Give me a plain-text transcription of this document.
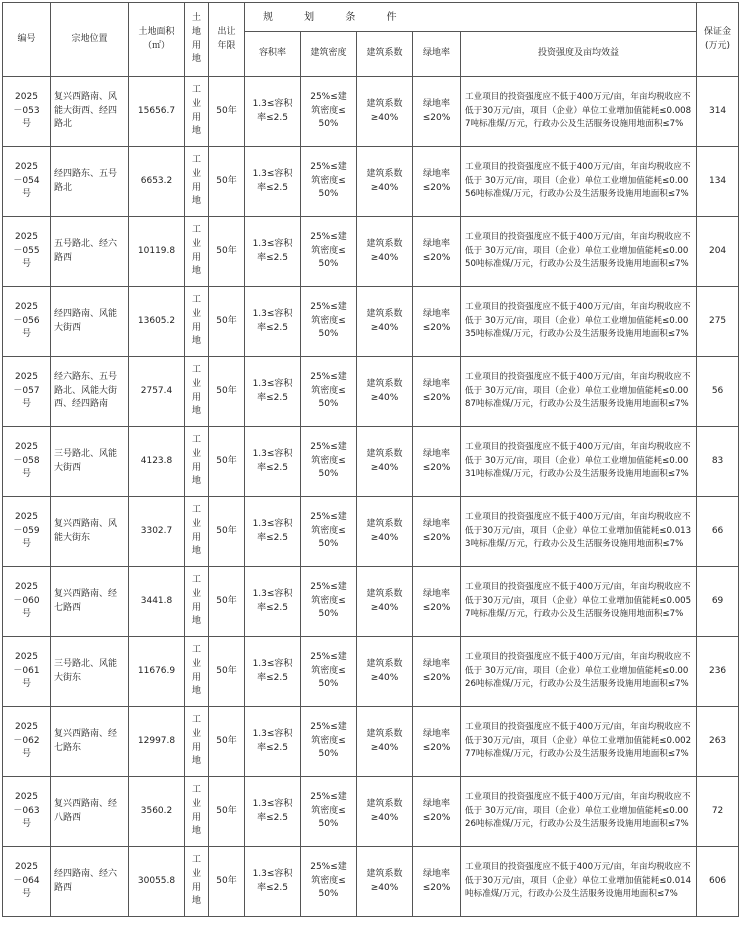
编号	宗地位置	土地面积（㎡）	土地用地	出让年限	规 划 条 件					保证金(万元)

					容积率	建筑密度	建筑系数	绿地率	投资强度及亩均效益	

2025－053号	复兴西路南、风能大街西、经四路北	15656.7	工业用地	50年	1.3≤容积率≤2.5	25%≤建筑密度≤50%	建筑系数≥40%	绿地率≤20%	工业项目的投资强度应不低于400万元/亩，年亩均税收应不低于30万元/亩，项目（企业）单位工业增加值能耗≤0.0087吨标准煤/万元，行政办公及生活服务设施用地面积≤7%	314

2025－054号	经四路东、五号路北	6653.2	工业用地	50年	1.3≤容积率≤2.5	25%≤建筑密度≤50%	建筑系数≥40%	绿地率≤20%	工业项目的投资强度应不低于400万元/亩，年亩均税收应不低于 30万元/亩，项目（企业）单位工业增加值能耗≤0.0056吨标准煤/万元，行政办公及生活服务设施用地面积≤7%	134

2025－055号	五号路北、经六路西	10119.8	工业用地	50年	1.3≤容积率≤2.5	25%≤建筑密度≤50%	建筑系数≥40%	绿地率≤20%	工业项目的投资强度应不低于400万元/亩，年亩均税收应不低于 30万元/亩，项目（企业）单位工业增加值能耗≤0.0050吨标准煤/万元，行政办公及生活服务设施用地面积≤7%	204

2025－056号	经四路南、风能大街西	13605.2	工业用地	50年	1.3≤容积率≤2.5	25%≤建筑密度≤50%	建筑系数≥40%	绿地率≤20%	工业项目的投资强度应不低于400万元/亩，年亩均税收应不低于 30万元/亩，项目（企业）单位工业增加值能耗≤0.0035吨标准煤/万元，行政办公及生活服务设施用地面积≤7%	275

2025－057号	经六路东、五号路北、风能大街西、经四路南	2757.4	工业用地	50年	1.3≤容积率≤2.5	25%≤建筑密度≤50%	建筑系数≥40%	绿地率≤20%	工业项目的投资强度应不低于400万元/亩，年亩均税收应不低于 30万元/亩，项目（企业）单位工业增加值能耗≤0.0087吨标准煤/万元，行政办公及生活服务设施用地面积≤7%	56

2025－058号	三号路北、风能大街西	4123.8	工业用地	50年	1.3≤容积率≤2.5	25%≤建筑密度≤50%	建筑系数≥40%	绿地率≤20%	工业项目的投资强度应不低于400万元/亩，年亩均税收应不低于 30万元/亩，项目（企业）单位工业增加值能耗≤0.0031吨标准煤/万元，行政办公及生活服务设施用地面积≤7%	83

2025－059号	复兴西路南、风能大街东	3302.7	工业用地	50年	1.3≤容积率≤2.5	25%≤建筑密度≤50%	建筑系数≥40%	绿地率≤20%	工业项目的投资强度应不低于400万元/亩，年亩均税收应不低于30万元/亩，项目（企业）单位工业增加值能耗≤0.0133吨标准煤/万元，行政办公及生活服务设施用地面积≤7%	66

2025－060号	复兴西路南、经七路西	3441.8	工业用地	50年	1.3≤容积率≤2.5	25%≤建筑密度≤50%	建筑系数≥40%	绿地率≤20%	工业项目的投资强度应不低于400万元/亩，年亩均税收应不低于30万元/亩，项目（企业）单位工业增加值能耗≤0.0057吨标准煤/万元，行政办公及生活服务设施用地面积≤7%	69

2025－061号	三号路北、风能大街东	11676.9	工业用地	50年	1.3≤容积率≤2.5	25%≤建筑密度≤50%	建筑系数≥40%	绿地率≤20%	工业项目的投资强度应不低于400万元/亩，年亩均税收应不低于 30万元/亩，项目（企业）单位工业增加值能耗≤0.0026吨标准煤/万元，行政办公及生活服务设施用地面积≤7%	236

2025－062号	复兴西路南、经七路东	12997.8	工业用地	50年	1.3≤容积率≤2.5	25%≤建筑密度≤50%	建筑系数≥40%	绿地率≤20%	工业项目的投资强度应不低于400万元/亩，年亩均税收应不低于30万元/亩，项目（企业）单位工业增加值能耗≤0.00277吨标准煤/万元，行政办公及生活服务设施用地面积≤7%	263

2025－063号	复兴西路南、经八路西	3560.2	工业用地	50年	1.3≤容积率≤2.5	25%≤建筑密度≤50%	建筑系数≥40%	绿地率≤20%	工业项目的投资强度应不低于400万元/亩，年亩均税收应不低于 30万元/亩，项目（企业）单位工业增加值能耗≤0.0026吨标准煤/万元，行政办公及生活服务设施用地面积≤7%	72

2025－064号	经四路南、经六路西	30055.8	工业用地	50年	1.3≤容积率≤2.5	25%≤建筑密度≤50%	建筑系数≥40%	绿地率≤20%	工业项目的投资强度应不低于400万元/亩，年亩均税收应不低于30万元/亩，项目（企业）单位工业增加值能耗≤0.014吨标准煤/万元，行政办公及生活服务设施用地面积≤7%	606
